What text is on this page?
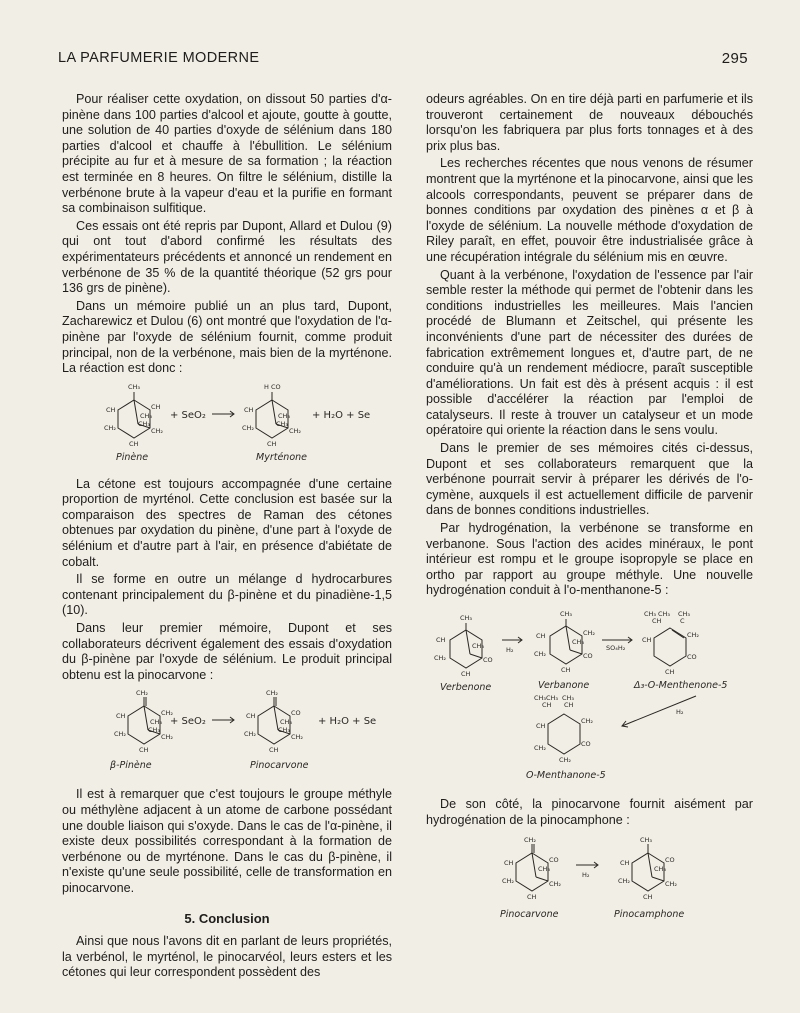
LA PARFUMERIE MODERNE	295

Pour réaliser cette oxydation, on dissout 50 parties d'α-pinène dans 100 parties d'alcool et ajoute, goutte à goutte, une solution de 40 parties d'oxyde de sélénium dans 180 parties d'alcool et chauffe à l'ébullition. Le sélénium précipite au fur et à mesure de sa formation ; la réaction est terminée en 8 heures. On filtre le sélénium, distille la verbénone brute à la vapeur d'eau et la purifie en formant sa combinaison sulfitique.

Ces essais ont été repris par Dupont, Allard et Dulou (9) qui ont tout d'abord confirmé les résultats des expérimentateurs précédents et annoncé un rendement en verbénone de 35 % de la quantité théorique (52 grs pour 136 grs de pinène).

Dans un mémoire publié un an plus tard, Dupont, Zacharewicz et Dulou (6) ont montré que l'oxydation de l'α-pinène par l'oxyde de sélénium fournit, comme produit principal, non de la verbénone, mais bien de la myrténone. La réaction est donc :

CH₃
CH	CH
CH₃
CH₃
CH₂	CH₂
CH
Pinène
+ SeO₂
H CO
CH
CH₃
CH₃
CH₂	CH₂
CH
Myrténone
+ H₂O + Se

La cétone est toujours accompagnée d'une certaine proportion de myrténol. Cette conclusion est basée sur la comparaison des spectres de Raman des cétones obtenues par oxydation du pinène, d'une part à l'oxyde de sélénium et d'autre part à l'air, en présence d'abiétate de cobalt.

Il se forme en outre un mélange d hydrocarbures contenant principalement du β-pinène et du pinadiène-1,5 (10).

Dans leur premier mémoire, Dupont et ses collaborateurs décrivent également des essais d'oxydation du β-pinène par l'oxyde de sélénium. Le produit principal obtenu est la pinocarvone :

CH₂
CH	CH₂
CH₃
CH₃
CH₂	CH₂
CH
β-Pinène
+ SeO₂
CH₂
CH	CO
CH₃
CH₃
CH₂	CH₂
CH
Pinocarvone
+ H₂O + Se

Il est à remarquer que c'est toujours le groupe méthyle ou méthylène adjacent à un atome de carbone possédant une double liaison qui s'oxyde. Dans le cas de l'α-pinène, il existe deux possibilités correspondant à la formation de verbénone ou de myrténone. Dans le cas du β-pinène, il n'existe qu'une seule possibilité, celle de transformation en pinocarvone.

5. Conclusion

Ainsi que nous l'avons dit en parlant de leurs propriétés, la verbénol, le myrténol, le pinocarvéol, leurs esters et les cétones qui leur correspondent possèdent des

odeurs agréables. On en tire déjà parti en parfumerie et ils trouveront certainement de nouveaux débouchés lorsqu'on les fabriquera par plus forts tonnages et à des prix plus bas.

Les recherches récentes que nous venons de résumer montrent que la myrténone et la pinocarvone, ainsi que les alcools correspondants, peuvent se préparer dans de bonnes conditions par oxydation des pinènes α et β à l'oxyde de sélénium. La nouvelle méthode d'oxydation de Riley paraît, en effet, pouvoir être industrialisée grâce à une récupération intégrale du sélénium mis en œuvre.

Quant à la verbénone, l'oxydation de l'essence par l'air semble rester la méthode qui permet de l'obtenir dans les conditions industrielles les meilleures. Mais l'ancien procédé de Blumann et Zeitschel, qui présente les inconvénients d'une part de nécessiter des durées de fabrication extrêmement longues et, d'autre part, de ne conduire qu'à un rendement médiocre, paraît susceptible d'améliorations. Un fait est dès à présent acquis : il est possible d'accélérer la réaction par l'emploi de catalyseurs. Il reste à trouver un catalyseur et un mode opératoire qui oriente la réaction dans le sens voulu.

Dans le premier de ses mémoires cités ci-dessus, Dupont et ses collaborateurs remarquent que la verbénone pourrait servir à préparer les dérivés de l'o-cymène, auxquels il est actuellement difficile de parvenir dans de bonnes conditions industrielles.

Par hydrogénation, la verbénone se transforme en verbanone. Sous l'action des acides minéraux, le pont intérieur est rompu et le groupe isopropyle se place en ortho par rapport au groupe méthyle. Une nouvelle hydrogénation conduit à l'o-menthanone-5 :

CH₃
CH
CH₃
CH₂	CO
CH
Verbenone
H₂
CH₃
CH	CH₂
CH₃
CH₂	CO
CH
Verbanone
SO₄H₂
CH₃ CH₃ CH₃
CH	C
CH₂
CO
CH
CH
Δ₃-O-Menthenone-5
H₂
CH₃ CH₃ CH₃
CH CH
CH₂
CO
CH
CH₂
CH₂
O-Menthanone-5

De son côté, la pinocarvone fournit aisément par hydrogénation de la pinocamphone :

CH₂
CH	CO
CH₃
CH₂	CH₂
CH
Pinocarvone
H₂
CH₃
CH	CO
CH₃
CH₂	CH₂
CH
Pinocamphone
